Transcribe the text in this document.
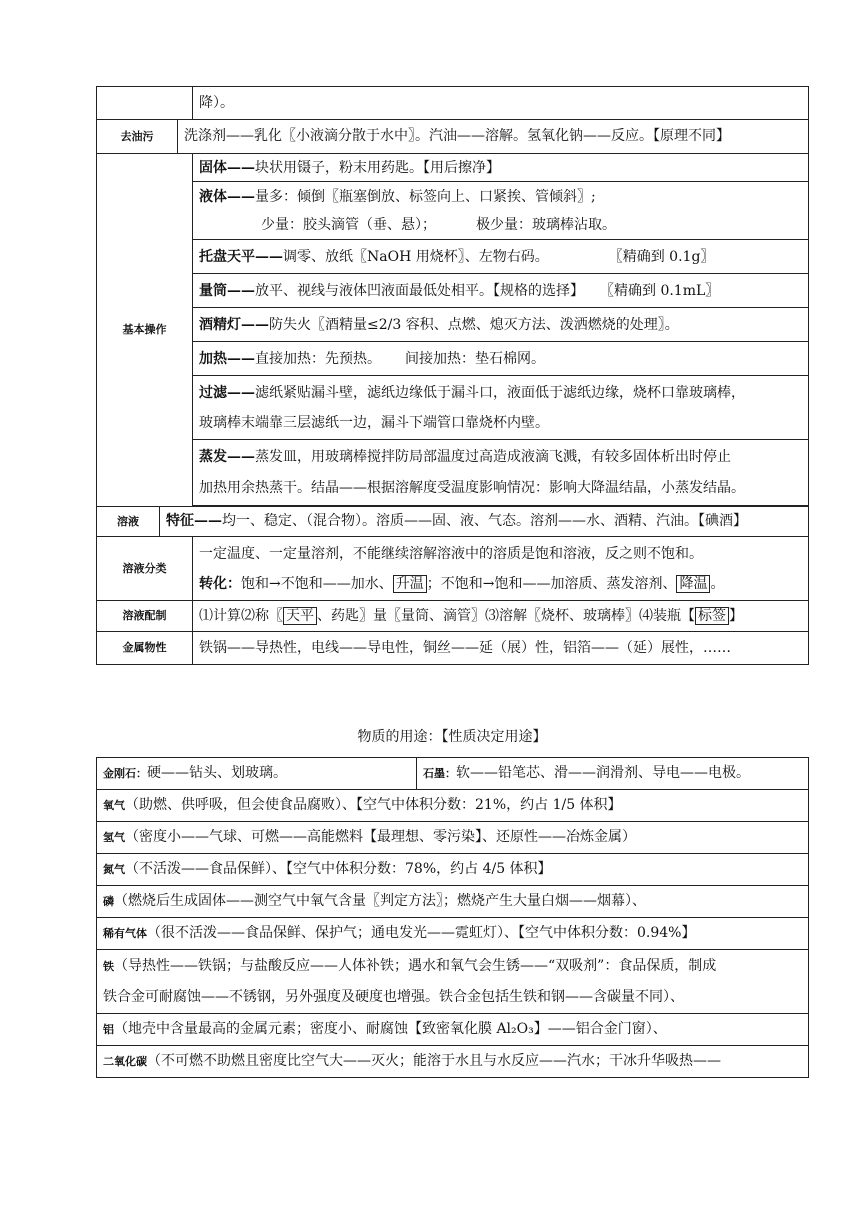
	降）。

去油污 洗涤剂——乳化〖小液滴分散于水中〗。汽油——溶解。氢氧化钠——反应。【原理不同】	

基本操作	固体——块状用镊子，粉末用药匙。【用后擦净】

	液体——量多：倾倒〖瓶塞倒放、标签向上、口紧挨、管倾斜〗;
少量：胶头滴管（垂、悬）； 极少量：玻璃棒沾取。

	托盘天平——调零、放纸〖NaOH 用烧杯〗、左物右码。 〖精确到 0.1g〗
	量筒——放平、视线与液体凹液面最低处相平。【规格的选择】 〖精确到 0.1mL〗
	酒精灯——防失火〖酒精量≤2/3 容积、点燃、熄灭方法、泼洒燃烧的处理〗。
	加热——直接加热：先预热。 间接加热：垫石棉网。

	过滤——滤纸紧贴漏斗壁，滤纸边缘低于漏斗口，液面低于滤纸边缘，烧杯口靠玻璃棒，
玻璃棒末端靠三层滤纸一边，漏斗下端管口靠烧杯内壁。

	蒸发——蒸发皿，用玻璃棒搅拌防局部温度过高造成液滴飞溅，有较多固体析出时停止
加热用余热蒸干。结晶——根据溶解度受温度影响情况：影响大降温结晶，小蒸发结晶。

溶液 特征——均一、稳定、（混合物）。溶质——固、液、气态。溶剂——水、酒精、汽油。【碘酒】	

溶液分类	一定温度、一定量溶剂，不能继续溶解溶液中的溶质是饱和溶液，反之则不饱和。
转化：饱和→不饱和——加水、 升温 ；不饱和→饱和——加溶质、蒸发溶剂、 降温 。

溶液配制	⑴计算⑵称〖 天平 、药匙〗量〖量筒、滴管〗⑶溶解〖烧杯、玻璃棒〗⑷装瓶【 标签 】
金属物性	铁锅——导热性，电线——导电性，铜丝——延（展）性，铝箔——（延）展性，……
物质的用途：【性质决定用途】
金刚石：硬——钻头、划玻璃。	石墨：软——铅笔芯、滑——润滑剂、导电——电极。
氧气（助燃、供呼吸，但会使食品腐败）、【空气中体积分数：21%，约占 1/5 体积】
氢气（密度小——气球、可燃——高能燃料【最理想、零污染】、还原性——冶炼金属）
氮气（不活泼——食品保鲜）、【空气中体积分数：78%，约占 4/5 体积】
磷（燃烧后生成固体——测空气中氧气含量〖判定方法〗；燃烧产生大量白烟——烟幕）、
稀有气体（很不活泼——食品保鲜、保护气；通电发光——霓虹灯）、【空气中体积分数：0.94%】

铁（导热性——铁锅；与盐酸反应——人体补铁；遇水和氧气会生锈——“双吸剂”：食品保质，制成
铁合金可耐腐蚀——不锈钢，另外强度及硬度也增强。铁合金包括生铁和钢——含碳量不同）、

铝（地壳中含量最高的金属元素；密度小、耐腐蚀【致密氧化膜 Al₂O₃】——铝合金门窗）、
二氧化碳（不可燃不助燃且密度比空气大——灭火；能溶于水且与水反应——汽水；干冰升华吸热——
